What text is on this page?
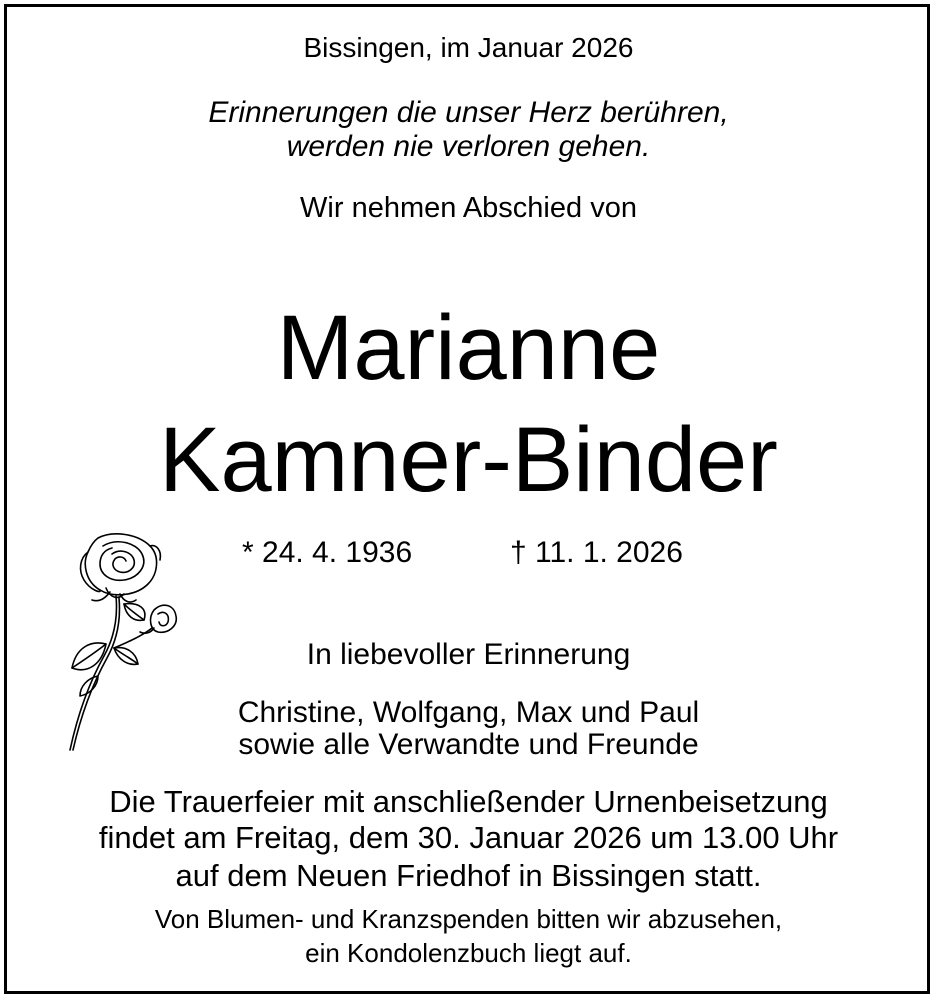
Bissingen, im Januar 2026
Erinnerungen die unser Herz berühren,
werden nie verloren gehen.
Wir nehmen Abschied von
Marianne
Kamner-Binder
* 24. 4. 1936	† 11. 1. 2026
In liebevoller Erinnerung
Christine, Wolfgang, Max und Paul
sowie alle Verwandte und Freunde
Die Trauerfeier mit anschließender Urnenbeisetzung
findet am Freitag, dem 30. Januar 2026 um 13.00 Uhr
auf dem Neuen Friedhof in Bissingen statt.
Von Blumen- und Kranzspenden bitten wir abzusehen,
ein Kondolenzbuch liegt auf.
